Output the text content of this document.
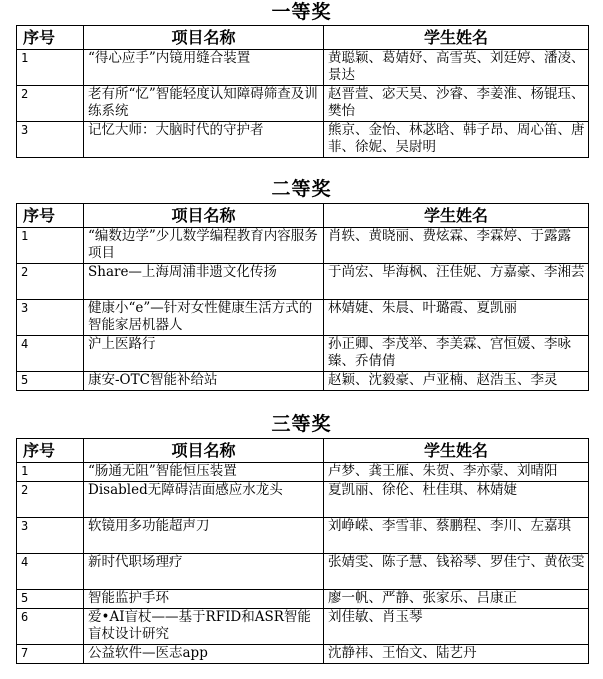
一等奖
序号	项目名称	学生姓名
1	“得心应手”内镜用缝合装置	黄聪颖、葛婧妤、高雪英、刘廷婷、潘凌、景达
2	老有所“忆”智能轻度认知障碍筛查及训练系统	赵晋萱、宓天昊、沙睿、李姜淮、杨锟珏、樊怡
3	记忆大师：大脑时代的守护者	熊京、金怡、林苾晗、韩子昂、周心笛、唐菲、徐妮、吴尉明
二等奖
序号	项目名称	学生姓名
1	“编数边学”少儿数学编程教育内容服务项目	肖轶、黄晓丽、费炫霖、李霖婷、于露露
2	Share—上海周浦非遗文化传扬	于尚宏、毕海枫、汪佳妮、方嘉豪、李湘芸
3	健康小“e”—针对女性健康生活方式的智能家居机器人	林婧婕、朱晨、叶璐霞、夏凯丽
4	沪上医路行	孙正卿、李茂举、李美霖、宫恒媛、李咏臻、乔倩倩
5	康安-OTC智能补给站	赵颖、沈毅豪、卢亚楠、赵浩玉、李灵
三等奖
序号	项目名称	学生姓名
1	“肠通无阻”智能恒压装置	卢梦、龚王雁、朱贺、李亦蒙、刘晴阳
2	Disabled无障碍洁面感应水龙头	夏凯丽、徐伦、杜佳琪、林婧婕
3	软镜用多功能超声刀	刘峥嵘、李雪菲、蔡鹏程、李川、左嘉琪
4	新时代职场理疗	张婧雯、陈子慧、钱裕琴、罗佳宁、黄依雯
5	智能监护手环	廖一帆、严静、张家乐、吕康正
6	爱•AI盲杖——基于RFID和ASR智能盲杖设计研究	刘佳敏、肖玉琴
7	公益软件—医志app	沈静祎、王怡文、陆艺丹
